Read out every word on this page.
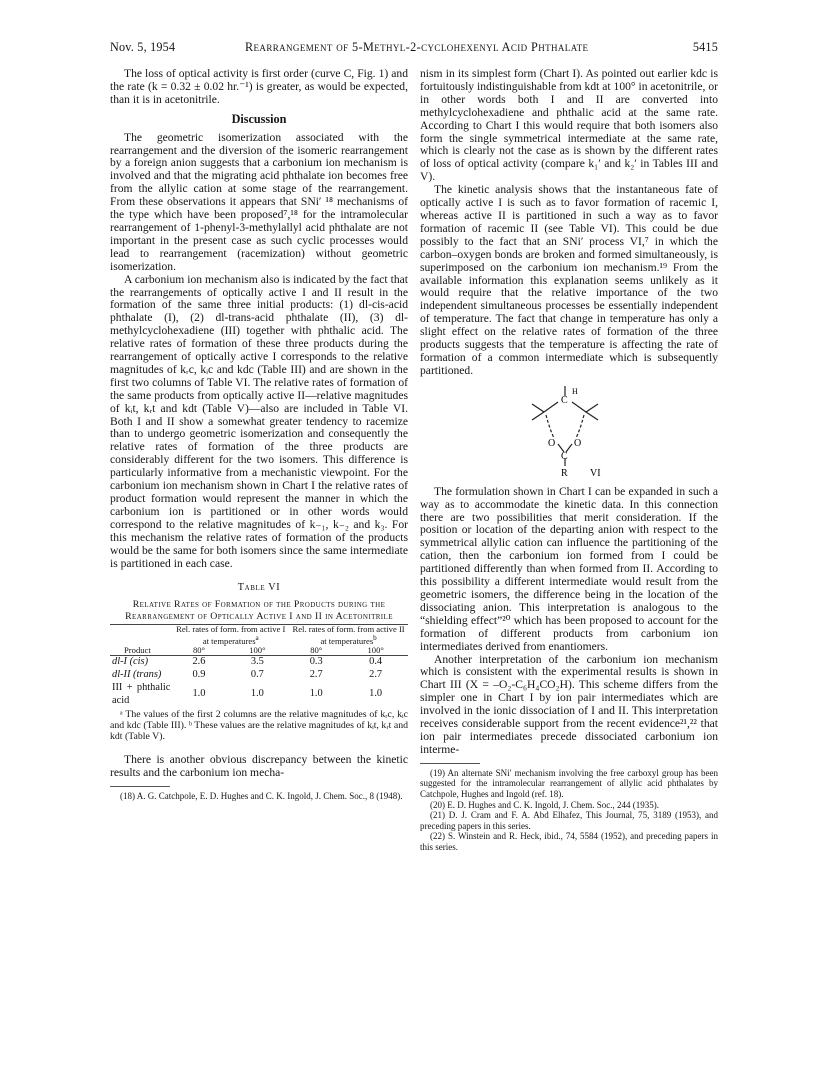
Nov. 5, 1954	Rearrangement of 5-Methyl-2-cyclohexenyl Acid Phthalate	5415

The loss of optical activity is first order (curve C, Fig. 1) and the rate (k = 0.32 ± 0.02 hr.⁻¹) is greater, as would be expected, than it is in acetonitrile.

Discussion

The geometric isomerization associated with the rearrangement and the diversion of the isomeric rearrangement by a foreign anion suggests that a carbonium ion mechanism is involved and that the migrating acid phthalate ion becomes free from the allylic cation at some stage of the rearrangement. From these observations it appears that SNi′ ¹⁸ mechanisms of the type which have been proposed⁷,¹⁸ for the intramolecular rearrangement of 1-phenyl-3-methylallyl acid phthalate are not important in the present case as such cyclic processes would lead to rearrangement (racemization) without geometric isomerization.

A carbonium ion mechanism also is indicated by the fact that the rearrangements of optically active I and II result in the formation of the same three initial products: (1) dl-cis-acid phthalate (I), (2) dl-trans-acid phthalate (II), (3) dl-methylcyclohexadiene (III) together with phthalic acid. The relative rates of formation of these three products during the rearrangement of optically active I corresponds to the relative magnitudes of kᵣc, kᵢc and kdc (Table III) and are shown in the first two columns of Table VI. The relative rates of formation of the same products from optically active II—relative magnitudes of kᵢt, kᵣt and kdt (Table V)—also are included in Table VI. Both I and II show a somewhat greater tendency to racemize than to undergo geometric isomerization and consequently the relative rates of formation of the three products are considerably different for the two isomers. This difference is particularly informative from a mechanistic viewpoint. For the carbonium ion mechanism shown in Chart I the relative rates of product formation would represent the manner in which the carbonium ion is partitioned or in other words would correspond to the relative magnitudes of k₋₁, k₋₂ and k₃. For this mechanism the relative rates of formation of the products would be the same for both isomers since the same intermediate is partitioned in each case.

Table VI
Relative Rates of Formation of the Products during the Rearrangement of Optically Active I and II in Acetonitrile

Product	Rel. rates of form. from active I at temperatures$^a$		Rel. rates of form. from active II at temperatures$^b$
	80°	100°	80°	100°

dl-I (cis)	2.6	3.5	0.3	0.4
dl-II (trans)	0.9	0.7	2.7	2.7
III + phthalic acid	1.0	1.0	1.0	1.0
ᵃ The values of the first 2 columns are the relative magnitudes of kᵣc, kᵢc and kdc (Table III). ᵇ These values are the relative magnitudes of kᵢt, kᵣt and kdt (Table V).

There is another obvious discrepancy between the kinetic results and the carbonium ion mecha-

(18) A. G. Catchpole, E. D. Hughes and C. K. Ingold, J. Chem. Soc., 8 (1948).

nism in its simplest form (Chart I). As pointed out earlier kdc is fortuitously indistinguishable from kdt at 100° in acetonitrile, or in other words both I and II are converted into methylcyclohexadiene and phthalic acid at the same rate. According to Chart I this would require that both isomers also form the single symmetrical intermediate at the same rate, which is clearly not the case as is shown by the different rates of loss of optical activity (compare k₁′ and k₂′ in Tables III and V).

The kinetic analysis shows that the instantaneous fate of optically active I is such as to favor formation of racemic I, whereas active II is partitioned in such a way as to favor formation of racemic II (see Table VI). This could be due possibly to the fact that an SNi′ process VI,⁷ in which the carbon–oxygen bonds are broken and formed simultaneously, is superimposed on the carbonium ion mechanism.¹⁹ From the available information this explanation seems unlikely as it would require that the relative importance of the two independent simultaneous processes be essentially independent of temperature. The fact that change in temperature has only a slight effect on the relative rates of formation of the three products suggests that the temperature is affecting the rate of formation of a common intermediate which is subsequently partitioned.

C
O O
C
H
R VI

The formulation shown in Chart I can be expanded in such a way as to accommodate the kinetic data. In this connection there are two possibilities that merit consideration. If the position or location of the departing anion with respect to the symmetrical allylic cation can influence the partitioning of the cation, then the carbonium ion formed from I could be partitioned differently than when formed from II. According to this possibility a different intermediate would result from the geometric isomers, the difference being in the location of the dissociating anion. This interpretation is analogous to the “shielding effect”²⁰ which has been proposed to account for the formation of different products from carbonium ion intermediates derived from enantiomers.

Another interpretation of the carbonium ion mechanism which is consistent with the experimental results is shown in Chart III (X = –O₂-C₆H₄CO₂H). This scheme differs from the simpler one in Chart I by ion pair intermediates which are involved in the ionic dissociation of I and II. This interpretation receives considerable support from the recent evidence²¹,²² that ion pair intermediates precede dissociated carbonium ion interme-

(19) An alternate SNi′ mechanism involving the free carboxyl group has been suggested for the intramolecular rearrangement of allylic acid phthalates by Catchpole, Hughes and Ingold (ref. 18).
(20) E. D. Hughes and C. K. Ingold, J. Chem. Soc., 244 (1935).
(21) D. J. Cram and F. A. Abd Elhafez, This Journal, 75, 3189 (1953), and preceding papers in this series.
(22) S. Winstein and R. Heck, ibid., 74, 5584 (1952), and preceding papers in this series.
